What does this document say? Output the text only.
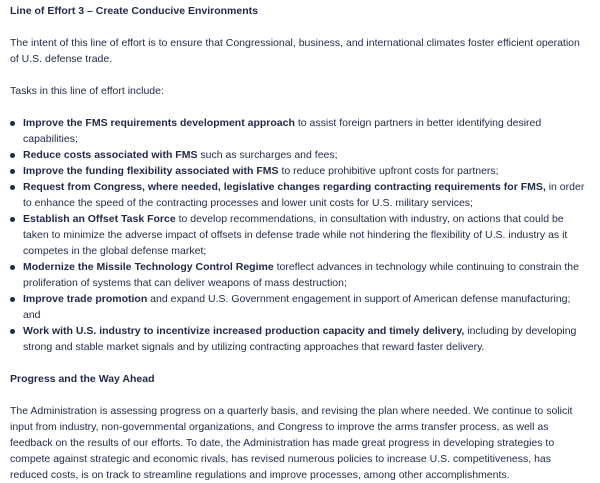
Line of Effort 3 – Create Conducive Environments

The intent of this line of effort is to ensure that Congressional, business, and international climates foster efficient operation of U.S. defense trade.

Tasks in this line of effort include:

Improve the FMS requirements development approach to assist foreign partners in better identifying desired capabilities;
Reduce costs associated with FMS such as surcharges and fees;
Improve the funding flexibility associated with FMS to reduce prohibitive upfront costs for partners;
Request from Congress, where needed, legislative changes regarding contracting requirements for FMS, in order to enhance the speed of the contracting processes and lower unit costs for U.S. military services;
Establish an Offset Task Force to develop recommendations, in consultation with industry, on actions that could be taken to minimize the adverse impact of offsets in defense trade while not hindering the flexibility of U.S. industry as it competes in the global defense market;
Modernize the Missile Technology Control Regime toreflect advances in technology while continuing to constrain the proliferation of systems that can deliver weapons of mass destruction;
Improve trade promotion and expand U.S. Government engagement in support of American defense manufacturing; and
Work with U.S. industry to incentivize increased production capacity and timely delivery, including by developing strong and stable market signals and by utilizing contracting approaches that reward faster delivery.
Progress and the Way Ahead

The Administration is assessing progress on a quarterly basis, and revising the plan where needed. We continue to solicit input from industry, non-governmental organizations, and Congress to improve the arms transfer process, as well as feedback on the results of our efforts. To date, the Administration has made great progress in developing strategies to compete against strategic and economic rivals, has revised numerous policies to increase U.S. competitiveness, has reduced costs, is on track to streamline regulations and improve processes, among other accomplishments.
